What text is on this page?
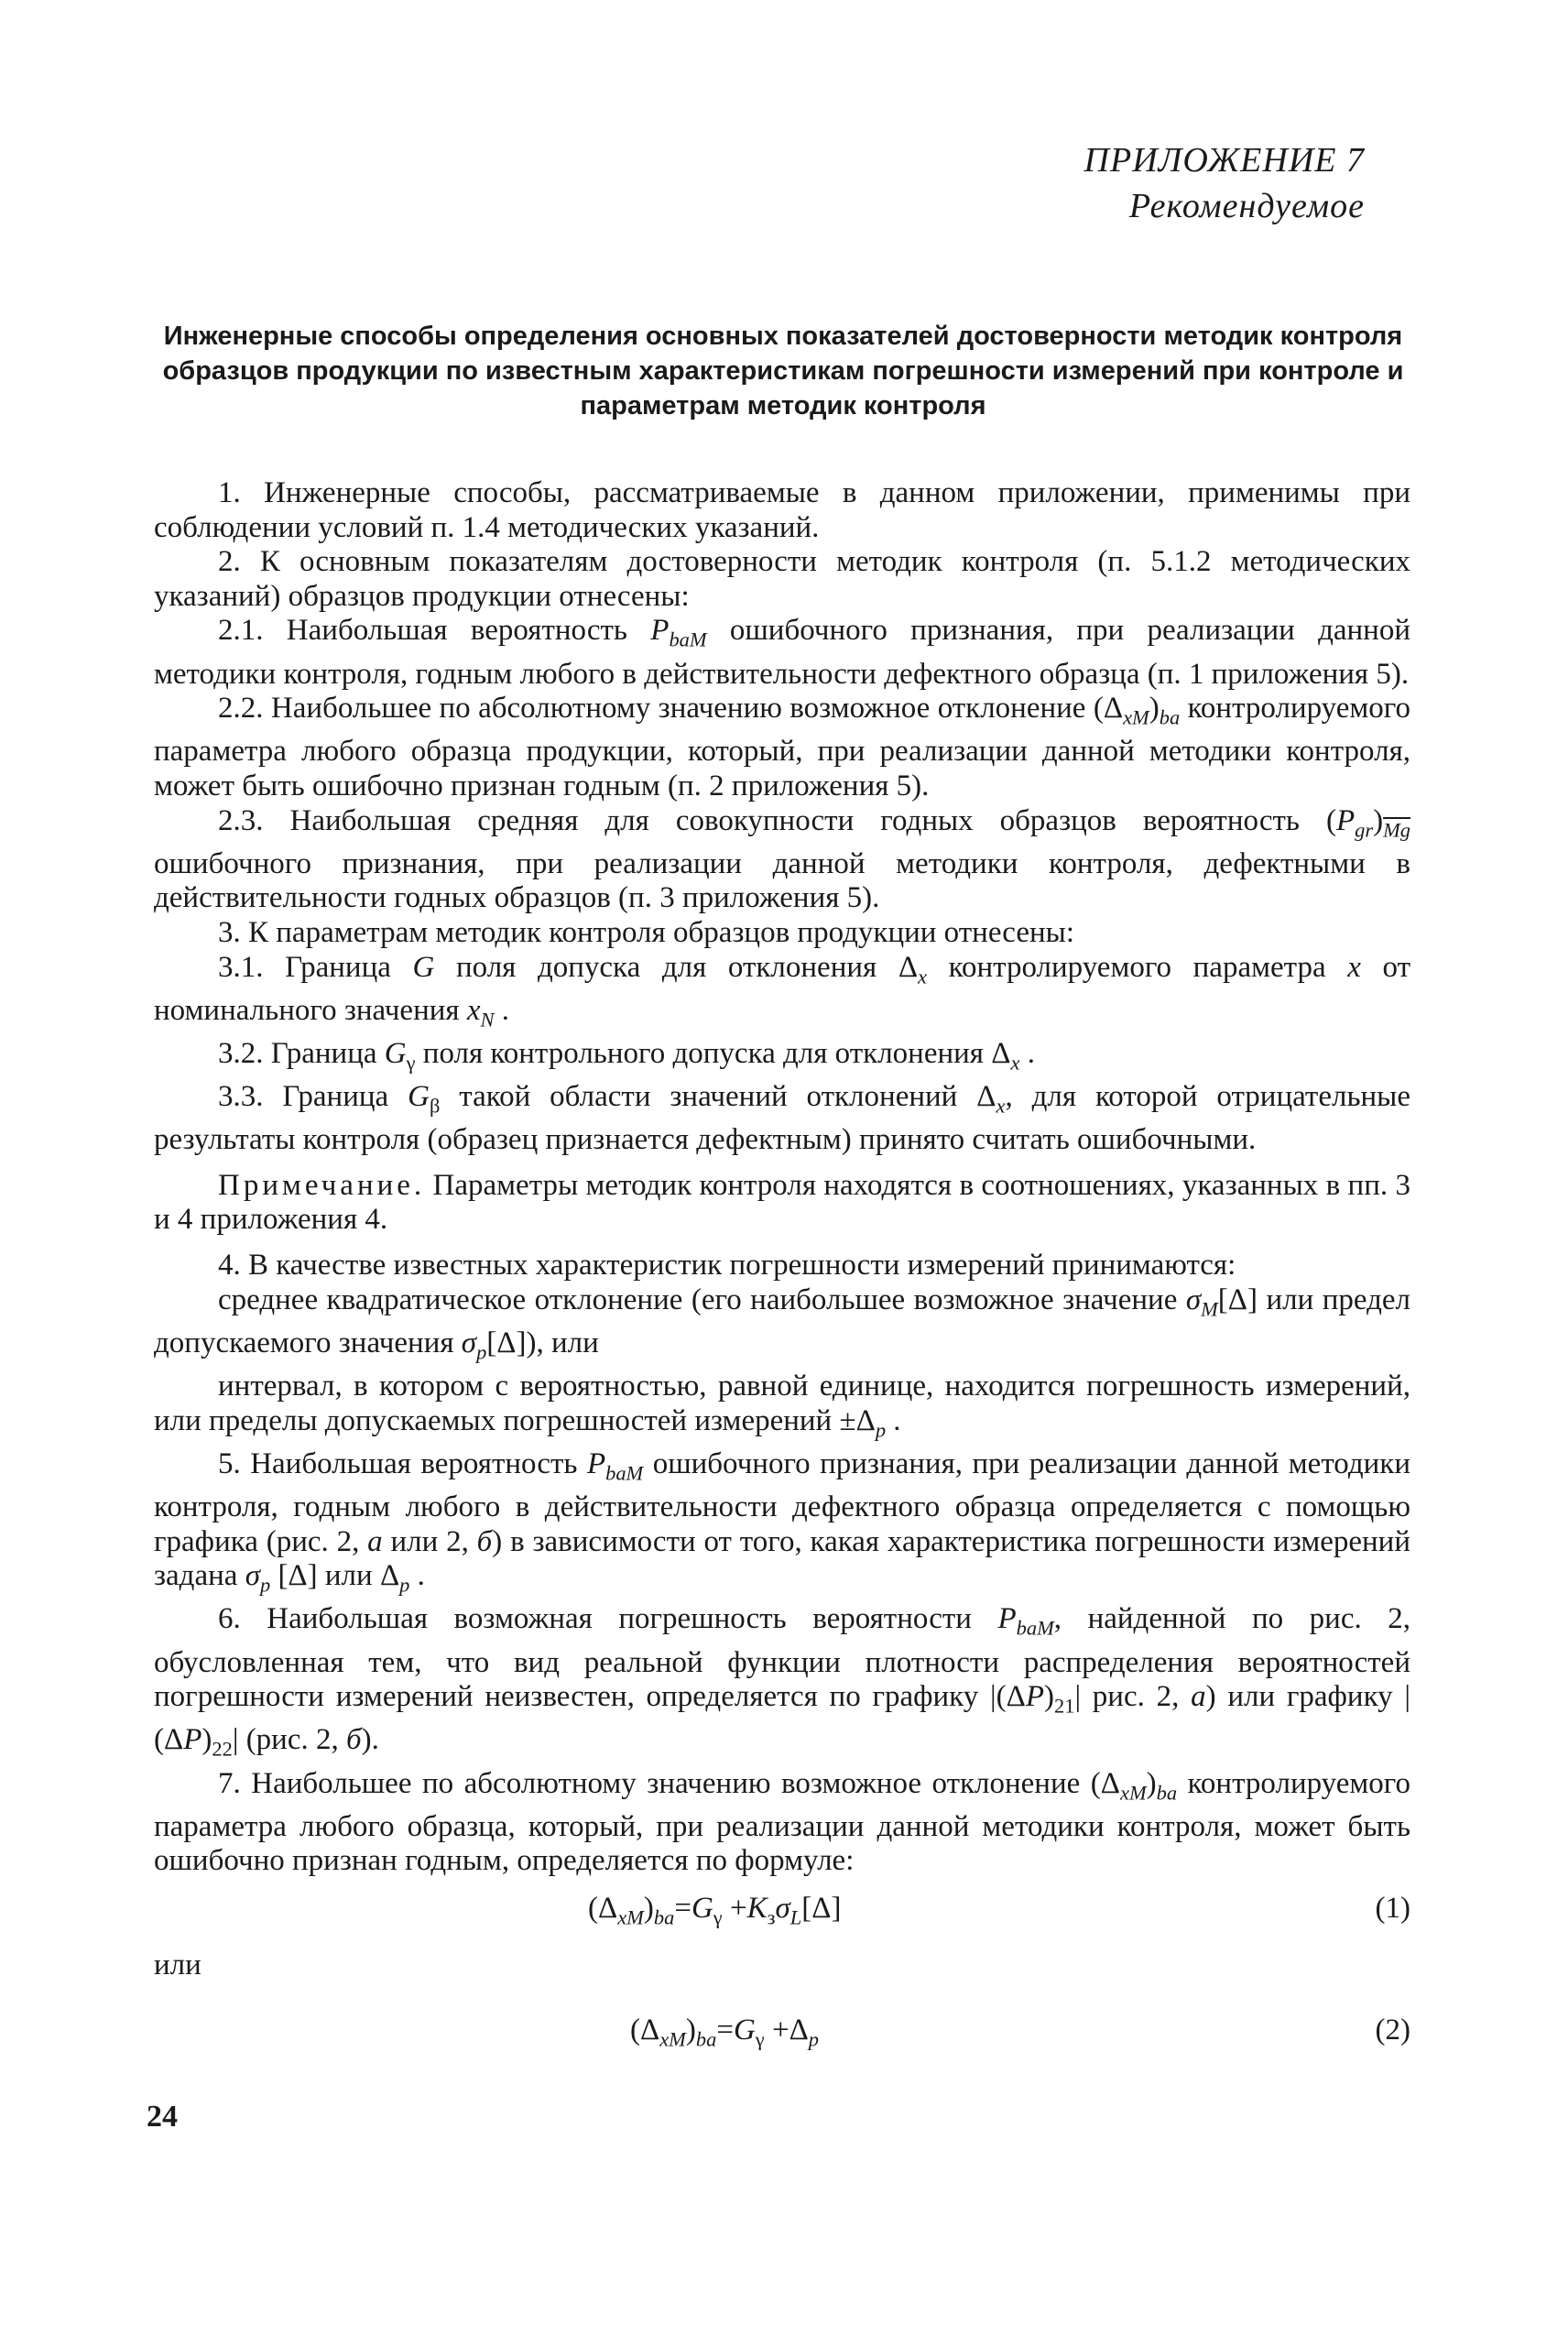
ПРИЛОЖЕНИЕ 7
Рекомендуемое
Инженерные способы определения основных показателей достоверности методик контроля образцов продукции по известным характеристикам погрешности измерений при контроле и параметрам методик контроля

1. Инженерные способы, рассматриваемые в данном приложении, применимы при соблюдении условий п. 1.4 методических указаний.

2. К основным показателям достоверности методик контроля (п. 5.1.2 методических указаний) образцов продукции отнесены:

2.1. Наибольшая вероятность $P_{baM}$ ошибочного признания, при реализации данной методики контроля, годным любого в действительности дефектного образца (п. 1 приложения 5).

2.2. Наибольшее по абсолютному значению возможное отклонение $(\Delta_{xM})_{ba}$ контролируемого параметра любого образца продукции, который, при реализации данной методики контроля, может быть ошибочно признан годным (п. 2 приложения 5).

2.3. Наибольшая средняя для совокупности годных образцов вероятность $(P_{gr})_{\overline{Mg}}$ ошибочного признания, при реализации данной методики контроля, дефектными в действительности годных образцов (п. 3 приложения 5).

3. К параметрам методик контроля образцов продукции отнесены:

3.1. Граница G поля допуска для отклонения $\Delta_x$ контролируемого параметра x от номинального значения $x_N$ .

3.2. Граница $G_\gamma$ поля контрольного допуска для отклонения $\Delta_x$ .

3.3. Граница $G_\beta$ такой области значений отклонений $\Delta_x$, для которой отрицательные результаты контроля (образец признается дефектным) принято считать ошибочными.

Примечание. Параметры методик контроля находятся в соотношениях, указанных в пп. 3 и 4 приложения 4.

4. В качестве известных характеристик погрешности измерений принимаются:

среднее квадратическое отклонение (его наибольшее возможное значение $\sigma_M[\Delta]$ или предел допускаемого значения $\sigma_p[\Delta]$), или

интервал, в котором с вероятностью, равной единице, находится погрешность измерений, или пределы допускаемых погрешностей измерений $\pm\Delta_p$ .

5. Наибольшая вероятность $P_{baM}$ ошибочного признания, при реализации данной методики контроля, годным любого в действительности дефектного образца определяется с помощью графика (рис. 2, а или 2, б) в зависимости от того, какая характеристика погрешности измерений задана $\sigma_p$ [Δ] или $\Delta_p$ .

6. Наибольшая возможная погрешность вероятности $P_{baM}$, найденной по рис. 2, обусловленная тем, что вид реальной функции плотности распределения вероятностей погрешности измерений неизвестен, определяется по графику $|(\Delta P)_{21}|$ рис. 2, а) или графику $|(\Delta P)_{22}|$ (рис. 2, б).

7. Наибольшее по абсолютному значению возможное отклонение $(\Delta_{xM})_{ba}$ контролируемого параметра любого образца, который, при реализации данной методики контроля, может быть ошибочно признан годным, определяется по формуле:

$(\Delta_{xM})_{ba}=G_\gamma +K_з\sigma_L[\Delta]$	(1)

или

$(\Delta_{xM})_{ba}=G_\gamma +\Delta_p$	(2)
24
